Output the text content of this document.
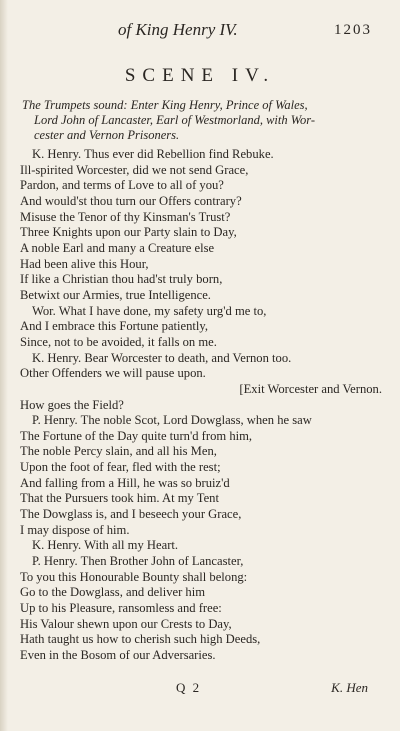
of King Henry IV.	1203
SCENE IV.
The Trumpets sound: Enter King Henry, Prince of Wales,
Lord John of Lancaster, Earl of Westmorland, with Wor-
cester and Vernon Prisoners.
K. Henry. Thus ever did Rebellion find Rebuke.
Ill-spirited Worcester, did we not send Grace,
Pardon, and terms of Love to all of you?
And would'st thou turn our Offers contrary?
Misuse the Tenor of thy Kinsman's Trust?
Three Knights upon our Party slain to Day,
A noble Earl and many a Creature else
Had been alive this Hour,
If like a Christian thou had'st truly born,
Betwixt our Armies, true Intelligence.
Wor. What I have done, my safety urg'd me to,
And I embrace this Fortune patiently,
Since, not to be avoided, it falls on me.
K. Henry. Bear Worcester to death, and Vernon too.
Other Offenders we will pause upon.
[Exit Worcester and Vernon.
How goes the Field?
P. Henry. The noble Scot, Lord Dowglass, when he saw
The Fortune of the Day quite turn'd from him,
The noble Percy slain, and all his Men,
Upon the foot of fear, fled with the rest;
And falling from a Hill, he was so bruiz'd
That the Pursuers took him. At my Tent
The Dowglass is, and I beseech your Grace,
I may dispose of him.
K. Henry. With all my Heart.
P. Henry. Then Brother John of Lancaster,
To you this Honourable Bounty shall belong:
Go to the Dowglass, and deliver him
Up to his Pleasure, ransomless and free:
His Valour shewn upon our Crests to Day,
Hath taught us how to cherish such high Deeds,
Even in the Bosom of our Adversaries.
Q 2	K. Hen
